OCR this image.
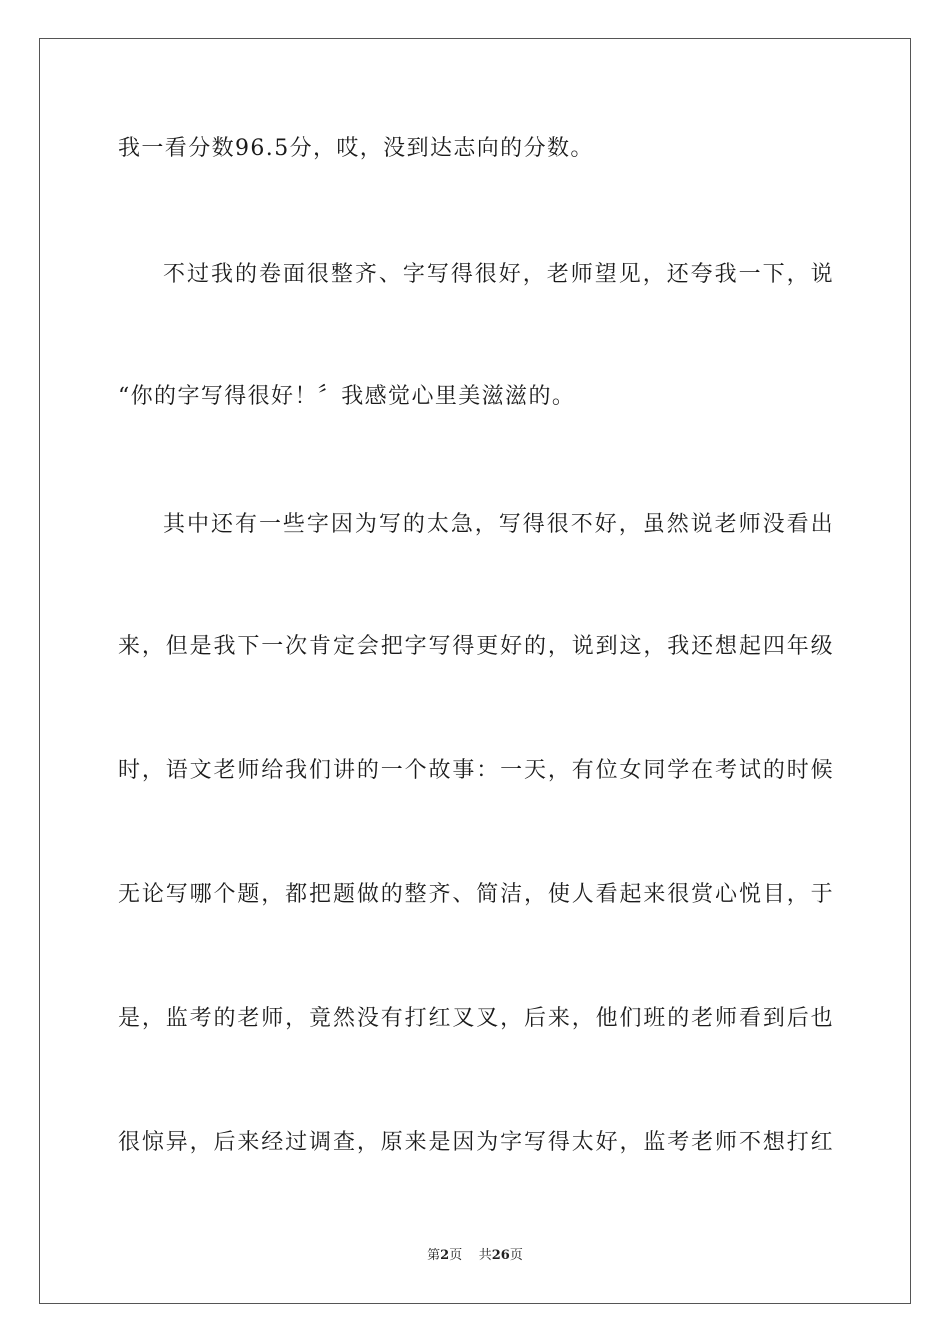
我一看分数96.5分，哎，没到达志向的分数。
不过我的卷面很整齐、字写得很好，老师望见，还夸我一下，说
“你的字写得很好！〞我感觉心里美滋滋的。
其中还有一些字因为写的太急，写得很不好，虽然说老师没看出
来，但是我下一次肯定会把字写得更好的，说到这，我还想起四年级
时，语文老师给我们讲的一个故事：一天，有位女同学在考试的时候
无论写哪个题，都把题做的整齐、简洁，使人看起来很赏心悦目，于
是，监考的老师，竟然没有打红叉叉，后来，他们班的老师看到后也
很惊异，后来经过调查，原来是因为字写得太好，监考老师不想打红
第2页 共26页
